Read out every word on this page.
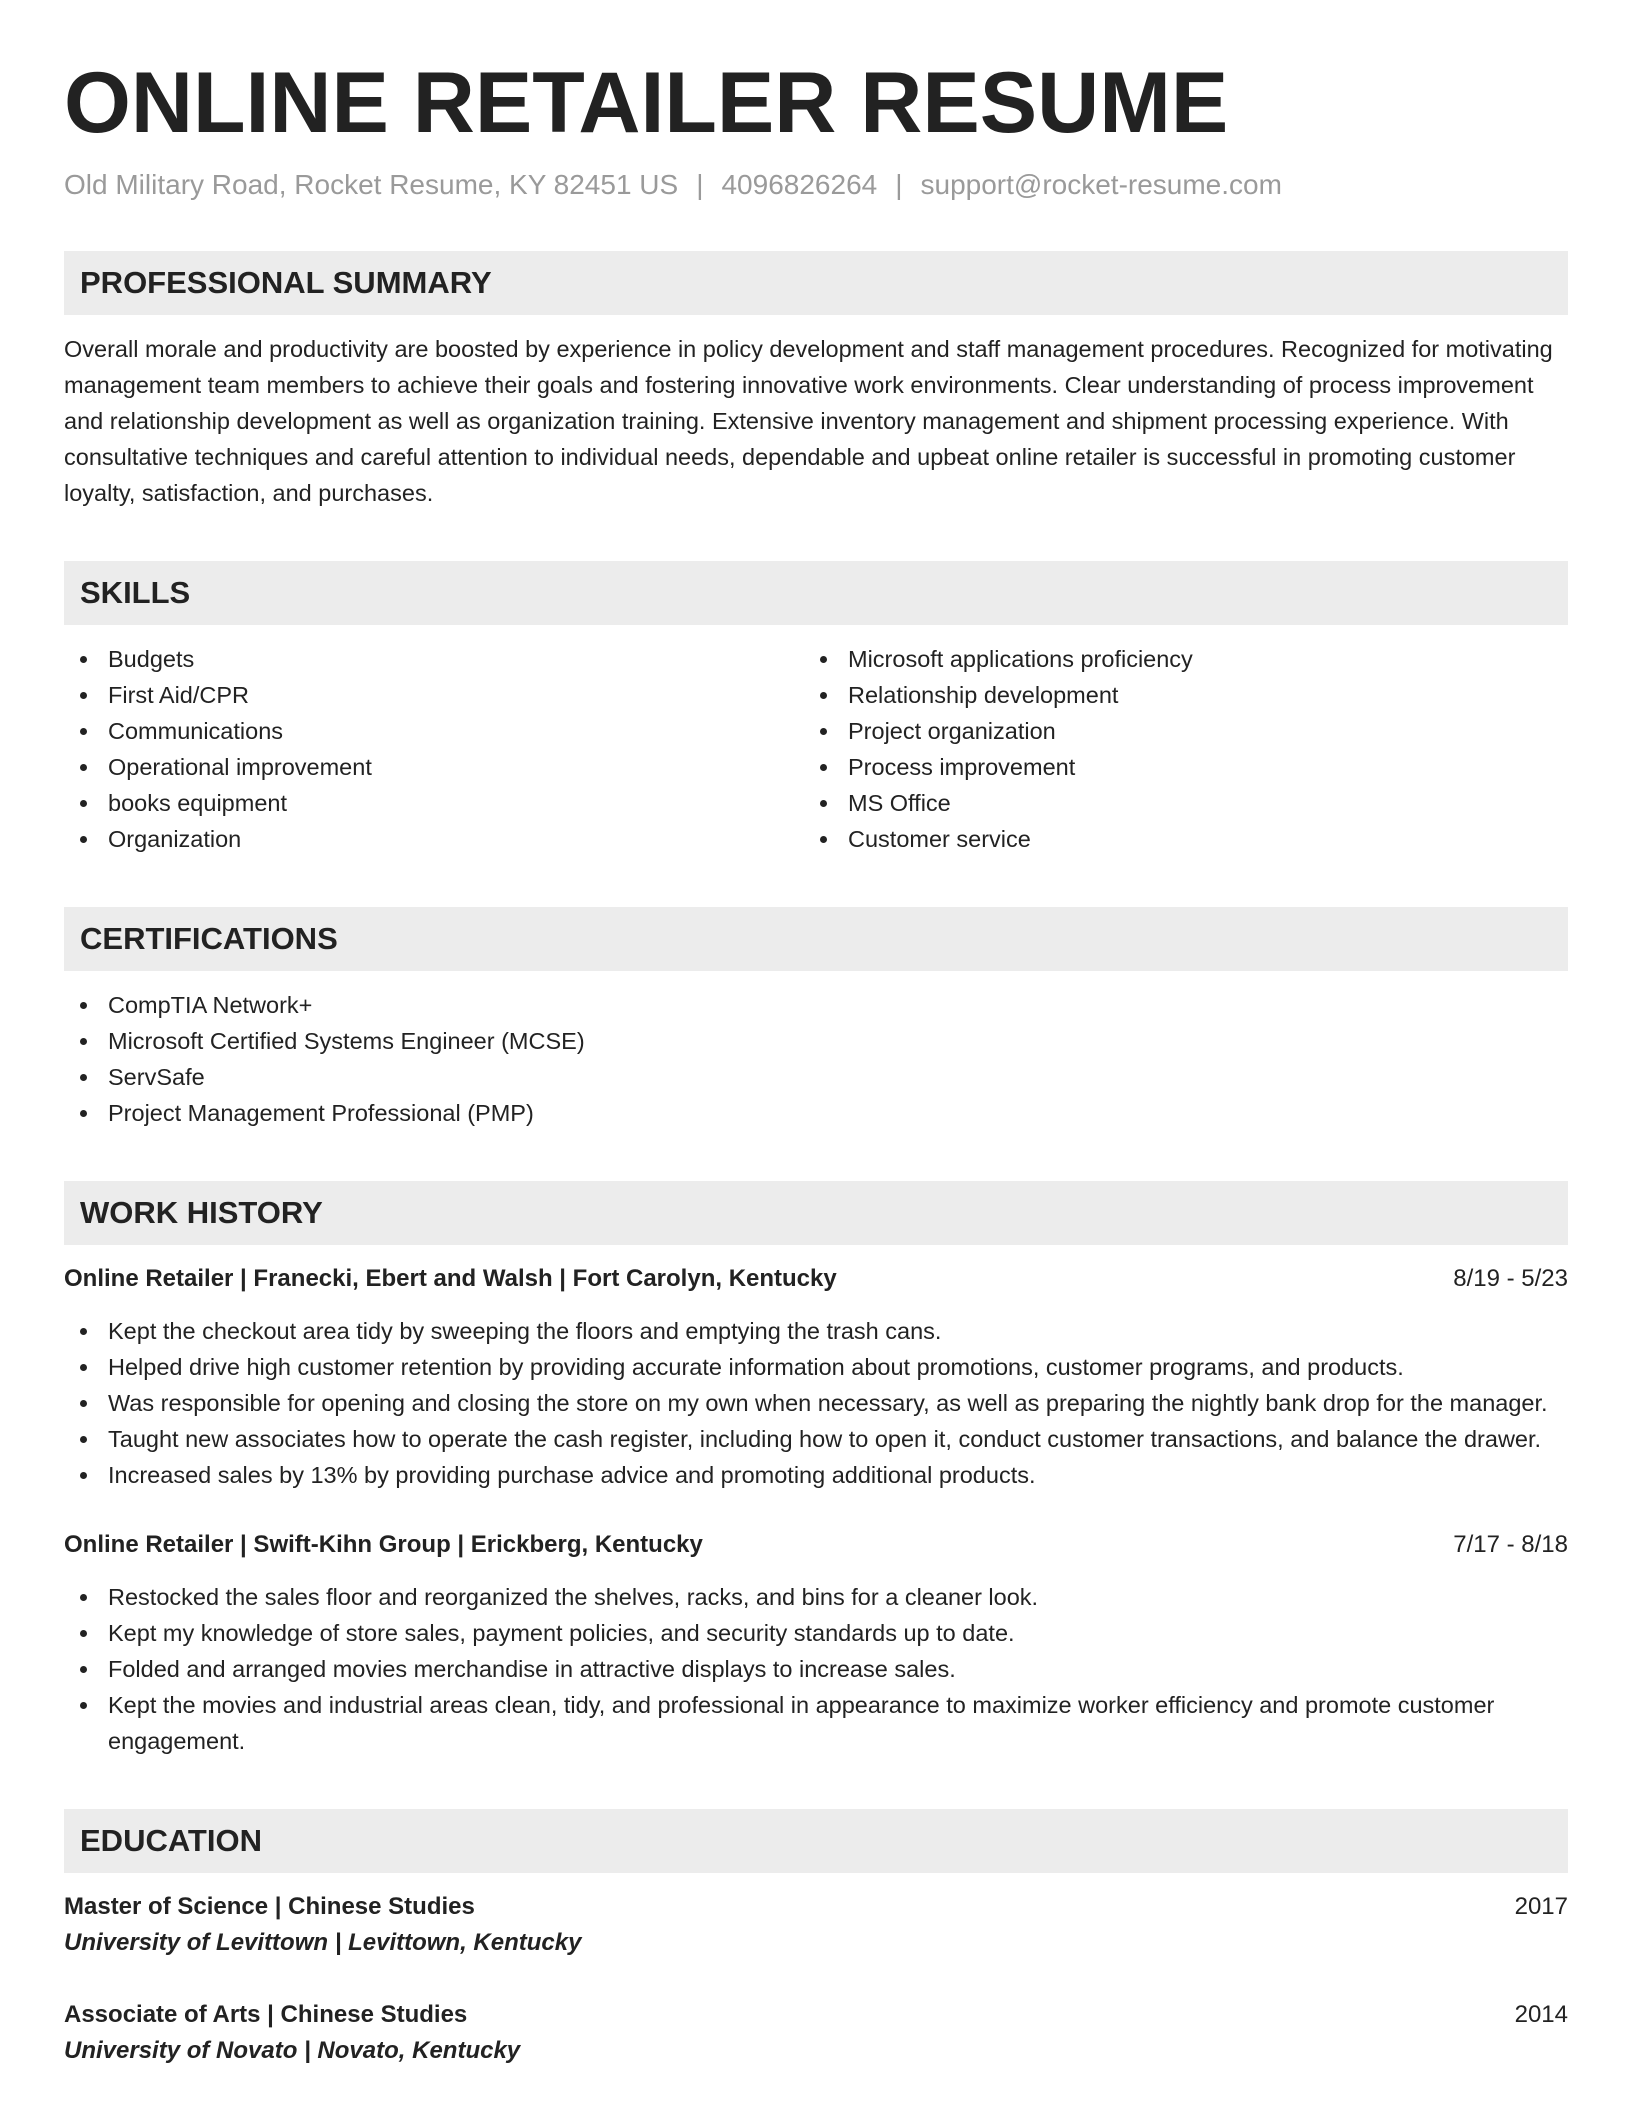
ONLINE RETAILER RESUME
Old Military Road, Rocket Resume, KY 82451 US | 4096826264 | support@rocket-resume.com
PROFESSIONAL SUMMARY
Overall morale and productivity are boosted by experience in policy development and staff management procedures. Recognized for motivating management team members to achieve their goals and fostering innovative work environments. Clear understanding of process improvement and relationship development as well as organization training. Extensive inventory management and shipment processing experience. With consultative techniques and careful attention to individual needs, dependable and upbeat online retailer is successful in promoting customer loyalty, satisfaction, and purchases.
SKILLS
Budgets
First Aid/CPR
Communications
Operational improvement
books equipment
Organization
Microsoft applications proficiency
Relationship development
Project organization
Process improvement
MS Office
Customer service
CERTIFICATIONS
CompTIA Network+
Microsoft Certified Systems Engineer (MCSE)
ServSafe
Project Management Professional (PMP)
WORK HISTORY
Online Retailer | Franecki, Ebert and Walsh | Fort Carolyn, Kentucky	8/19 - 5/23
Kept the checkout area tidy by sweeping the floors and emptying the trash cans.
Helped drive high customer retention by providing accurate information about promotions, customer programs, and products.
Was responsible for opening and closing the store on my own when necessary, as well as preparing the nightly bank drop for the manager.
Taught new associates how to operate the cash register, including how to open it, conduct customer transactions, and balance the drawer.
Increased sales by 13% by providing purchase advice and promoting additional products.
Online Retailer | Swift-Kihn Group | Erickberg, Kentucky	7/17 - 8/18
Restocked the sales floor and reorganized the shelves, racks, and bins for a cleaner look.
Kept my knowledge of store sales, payment policies, and security standards up to date.
Folded and arranged movies merchandise in attractive displays to increase sales.
Kept the movies and industrial areas clean, tidy, and professional in appearance to maximize worker efficiency and promote customer engagement.
EDUCATION
Master of Science | Chinese Studies	2017
University of Levittown | Levittown, Kentucky
Associate of Arts | Chinese Studies	2014
University of Novato | Novato, Kentucky
